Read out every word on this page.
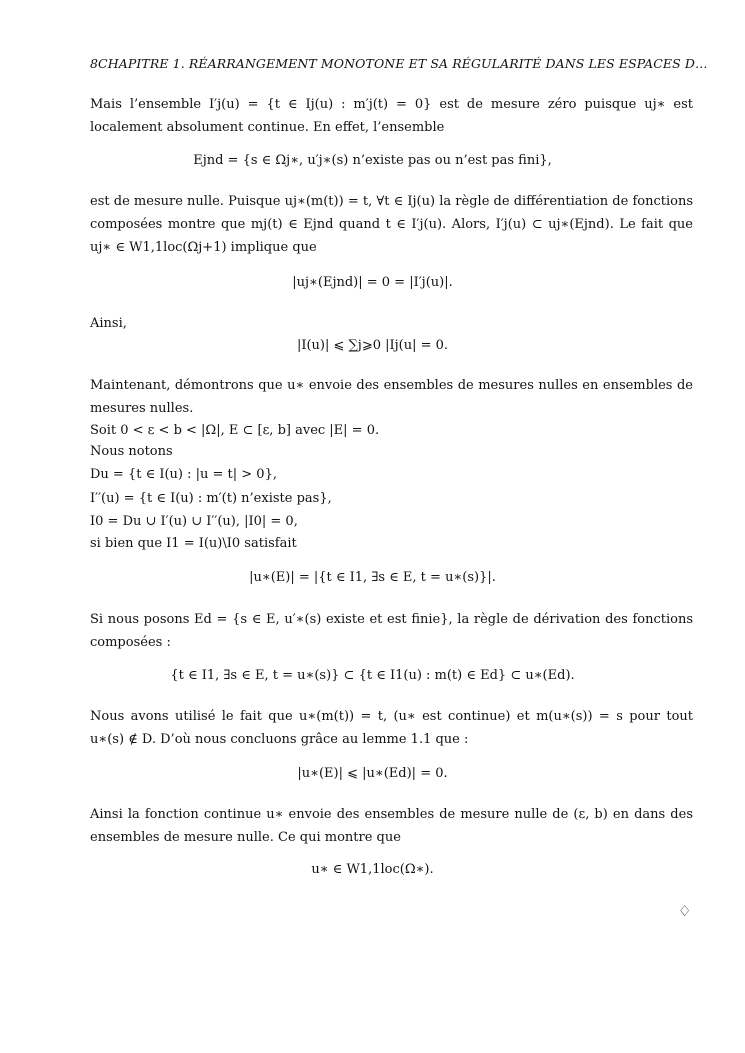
8CHAPITRE 1. RÉARRANGEMENT MONOTONE ET SA RÉGULARITÉ DANS LES ESPACES D…
Mais l’ensemble I′j(u) = {t ∈ Ij(u) : m′j(t) = 0} est de mesure zéro puisque uj∗ est localement absolument continue. En effet, l’ensemble
Ejnd = {s ∈ Ωj∗, u′j∗(s) n’existe pas ou n’est pas fini},
est de mesure nulle. Puisque uj∗(m(t)) = t, ∀t ∈ Ij(u) la règle de différentiation de fonctions composées montre que mj(t) ∈ Ejnd quand t ∈ I′j(u). Alors, I′j(u) ⊂ uj∗(Ejnd). Le fait que uj∗ ∈ W1,1loc(Ωj+1) implique que
|uj∗(Ejnd)| = 0 = |I′j(u)|.
Ainsi,
|I(u)| ⩽ ∑j⩾0 |Ij(u| = 0.
Maintenant, démontrons que u∗ envoie des ensembles de mesures nulles en ensembles de mesures nulles.
Soit 0 < ε < b < |Ω|, E ⊂ [ε, b] avec |E| = 0.
Nous notons
Du = {t ∈ I(u) : |u = t| > 0},
I′′(u) = {t ∈ I(u) : m′(t) n’existe pas},
I0 = Du ∪ I′(u) ∪ I′′(u), |I0| = 0,
si bien que I1 = I(u)\I0 satisfait
|u∗(E)| = |{t ∈ I1, ∃s ∈ E, t = u∗(s)}|.
Si nous posons Ed = {s ∈ E, u′∗(s) existe et est finie}, la règle de dérivation des fonctions composées :
{t ∈ I1, ∃s ∈ E, t = u∗(s)} ⊂ {t ∈ I1(u) : m(t) ∈ Ed} ⊂ u∗(Ed).
Nous avons utilisé le fait que u∗(m(t)) = t, (u∗ est continue) et m(u∗(s)) = s pour tout u∗(s) ∉ D. D’où nous concluons grâce au lemme 1.1 que :
|u∗(E)| ⩽ |u∗(Ed)| = 0.
Ainsi la fonction continue u∗ envoie des ensembles de mesure nulle de (ε, b) en dans des ensembles de mesure nulle. Ce qui montre que
u∗ ∈ W1,1loc(Ω∗).
♢
